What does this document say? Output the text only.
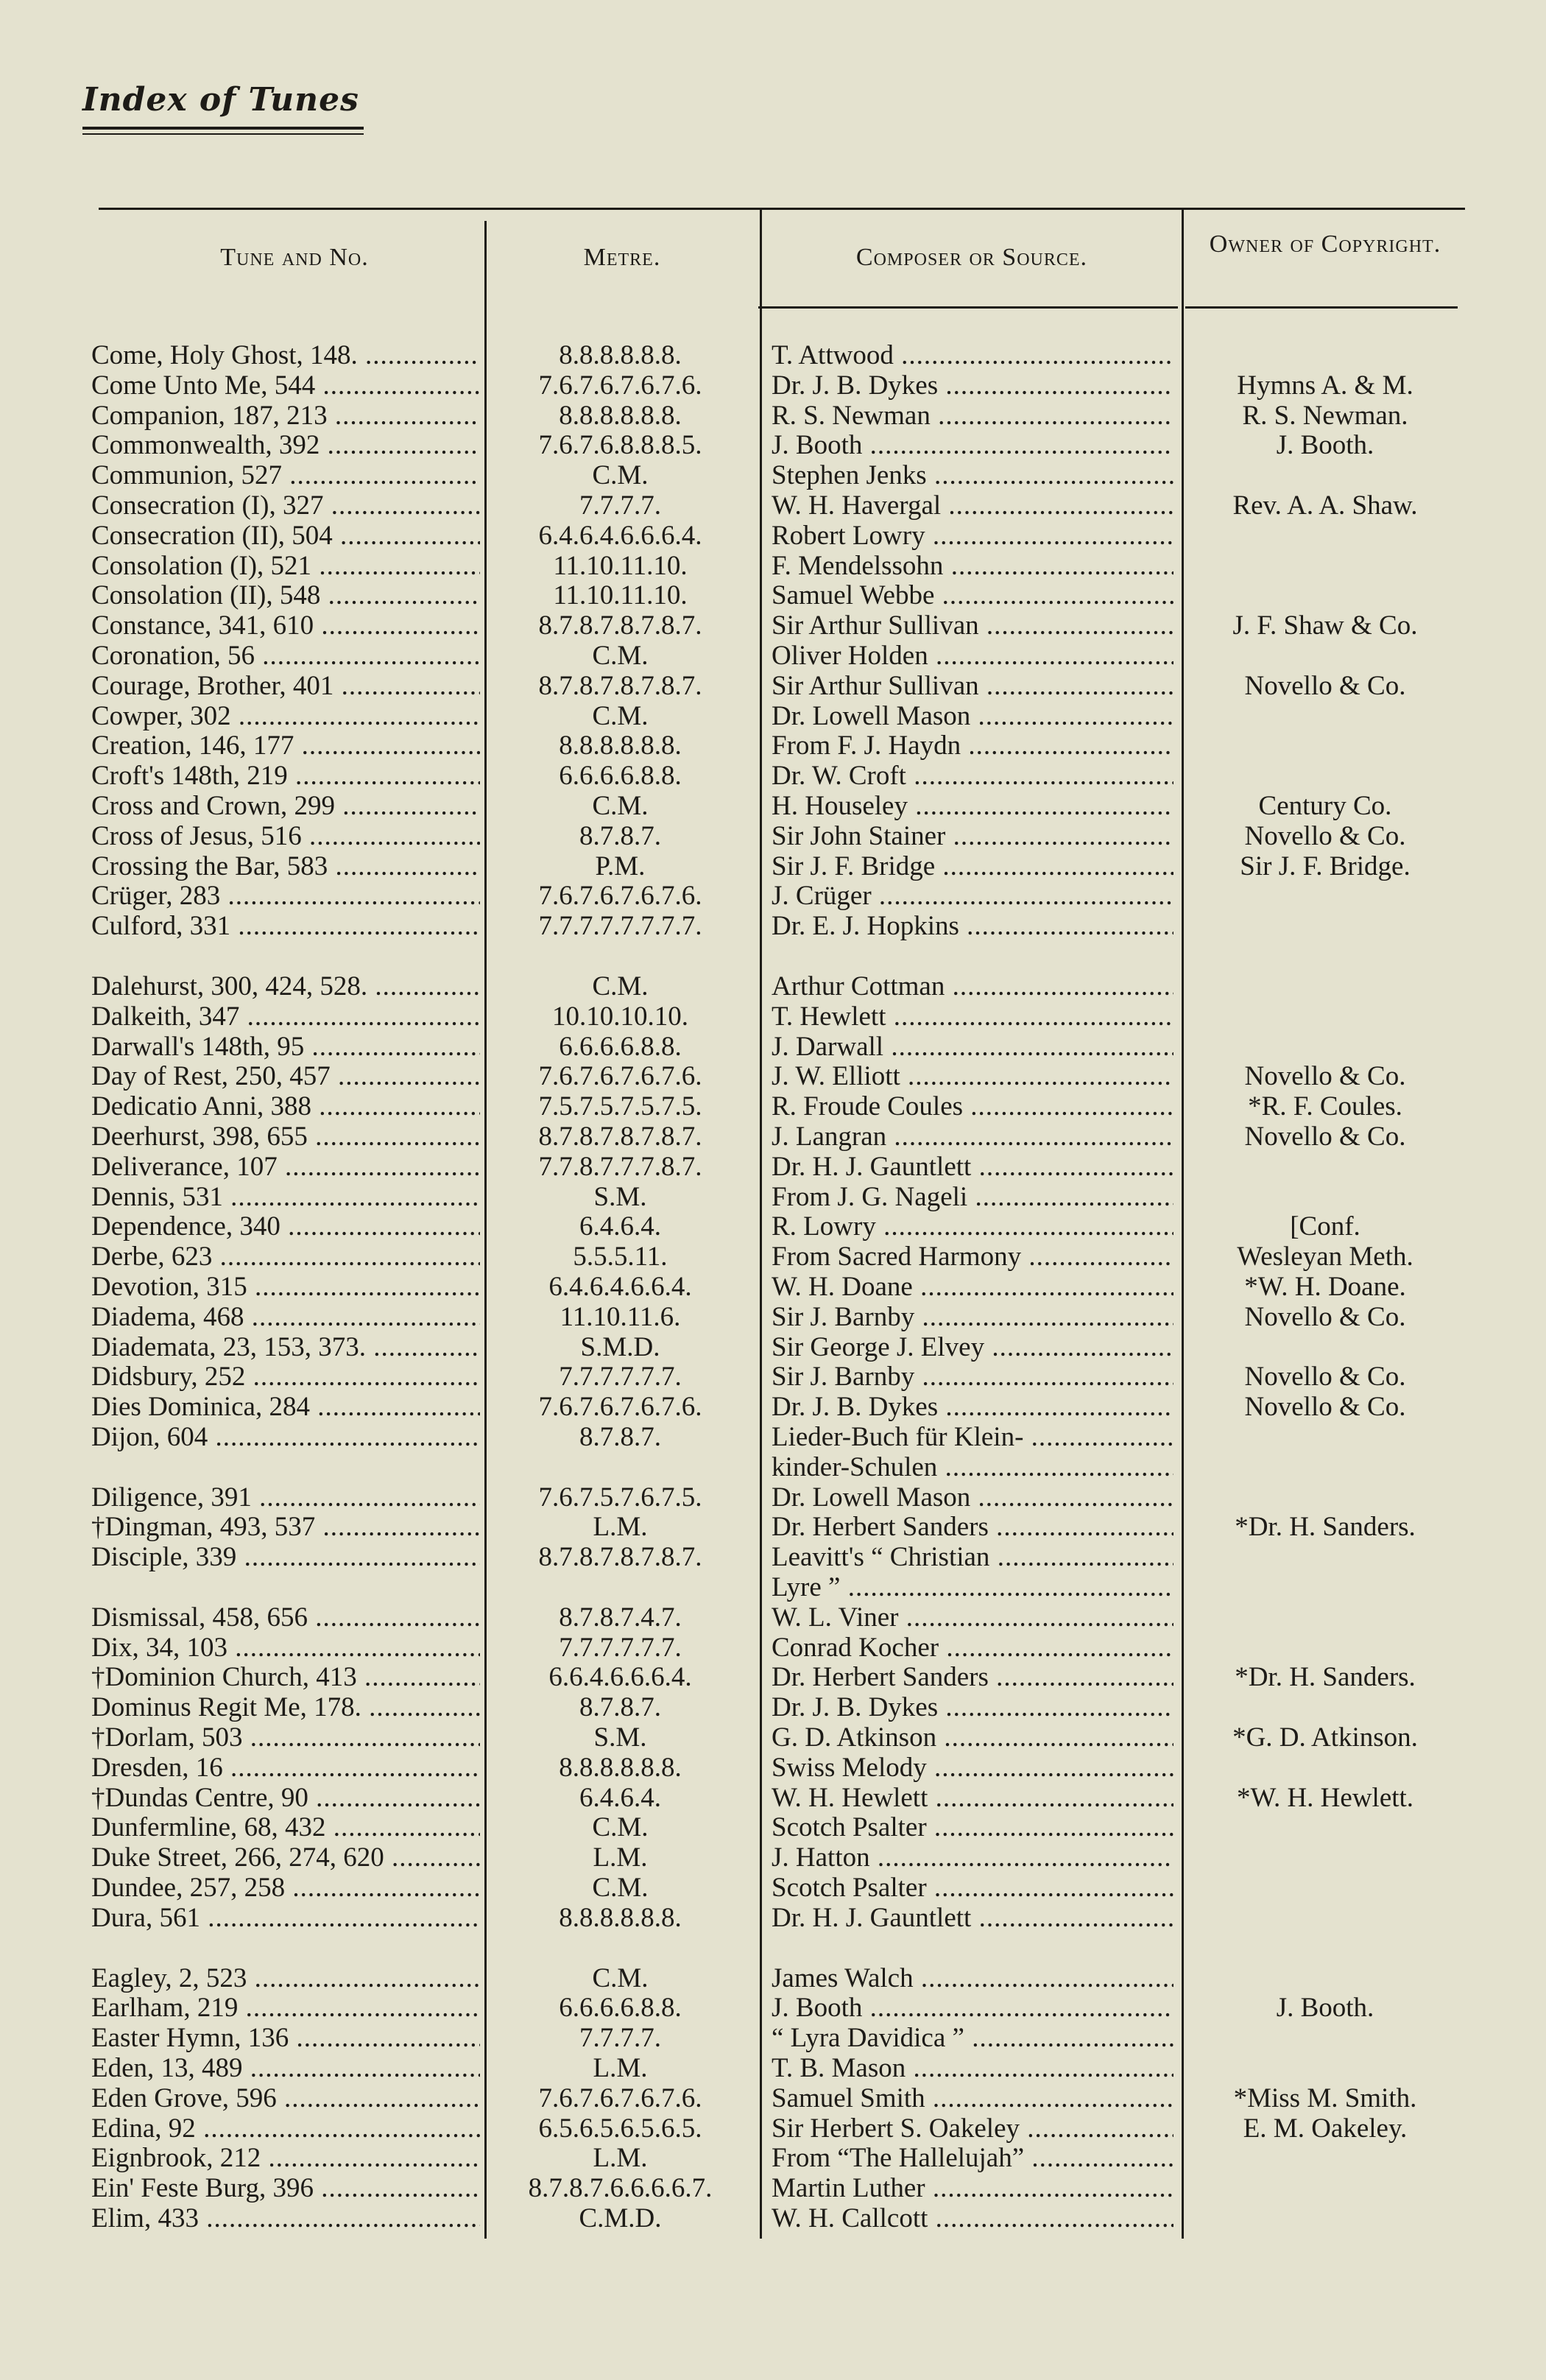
Index of Tunes
Tune and No.	Metre.	Composer or Source.	Owner of Copyright.
Come, Holy Ghost, 148. .....	8.8.8.8.8.8.	T. Attwood .....
Come Unto Me, 544 .....	7.6.7.6.7.6.7.6.	Dr. J. B. Dykes .....	Hymns A. & M.
Companion, 187, 213 .....	8.8.8.8.8.8.	R. S. Newman .....	R. S. Newman.
Commonwealth, 392 .....	7.6.7.6.8.8.8.5.	J. Booth .....	J. Booth.
Communion, 527 .....	C.M.	Stephen Jenks .....
Consecration (I), 327 .....	7.7.7.7.	W. H. Havergal .....	Rev. A. A. Shaw.
Consecration (II), 504 .....	6.4.6.4.6.6.6.4.	Robert Lowry .....
Consolation (I), 521 .....	11.10.11.10.	F. Mendelssohn .....
Consolation (II), 548 .....	11.10.11.10.	Samuel Webbe .....
Constance, 341, 610 .....	8.7.8.7.8.7.8.7.	Sir Arthur Sullivan .....	J. F. Shaw & Co.
Coronation, 56 .....	C.M.	Oliver Holden .....
Courage, Brother, 401 .....	8.7.8.7.8.7.8.7.	Sir Arthur Sullivan .....	Novello & Co.
Cowper, 302 .....	C.M.	Dr. Lowell Mason .....
Creation, 146, 177 .....	8.8.8.8.8.8.	From F. J. Haydn .....
Croft's 148th, 219 .....	6.6.6.6.8.8.	Dr. W. Croft .....
Cross and Crown, 299 .....	C.M.	H. Houseley .....	Century Co.
Cross of Jesus, 516 .....	8.7.8.7.	Sir John Stainer .....	Novello & Co.
Crossing the Bar, 583 .....	P.M.	Sir J. F. Bridge .....	Sir J. F. Bridge.
Crüger, 283 .....	7.6.7.6.7.6.7.6.	J. Crüger .....
Culford, 331 .....	7.7.7.7.7.7.7.7.	Dr. E. J. Hopkins .....
Dalehurst, 300, 424, 528. .....	C.M.	Arthur Cottman .....
Dalkeith, 347 .....	10.10.10.10.	T. Hewlett .....
Darwall's 148th, 95 .....	6.6.6.6.8.8.	J. Darwall .....
Day of Rest, 250, 457 .....	7.6.7.6.7.6.7.6.	J. W. Elliott .....	Novello & Co.
Dedicatio Anni, 388 .....	7.5.7.5.7.5.7.5.	R. Froude Coules .....	*R. F. Coules.
Deerhurst, 398, 655 .....	8.7.8.7.8.7.8.7.	J. Langran .....	Novello & Co.
Deliverance, 107 .....	7.7.8.7.7.7.8.7.	Dr. H. J. Gauntlett .....
Dennis, 531 .....	S.M.	From J. G. Nageli .....
Dependence, 340 .....	6.4.6.4.	R. Lowry .....	[Conf.
Derbe, 623 .....	5.5.5.11.	From Sacred Harmony .....	Wesleyan Meth.
Devotion, 315 .....	6.4.6.4.6.6.4.	W. H. Doane .....	*W. H. Doane.
Diadema, 468 .....	11.10.11.6.	Sir J. Barnby .....	Novello & Co.
Diademata, 23, 153, 373. .....	S.M.D.	Sir George J. Elvey .....
Didsbury, 252 .....	7.7.7.7.7.7.	Sir J. Barnby .....	Novello & Co.
Dies Dominica, 284 .....	7.6.7.6.7.6.7.6.	Dr. J. B. Dykes .....	Novello & Co.
Dijon, 604 .....	8.7.8.7.	Lieder-Buch für Klein- .....
kinder-Schulen .....
Diligence, 391 .....	7.6.7.5.7.6.7.5.	Dr. Lowell Mason .....
†Dingman, 493, 537 .....	L.M.	Dr. Herbert Sanders .....	*Dr. H. Sanders.
Disciple, 339 .....	8.7.8.7.8.7.8.7.	Leavitt's “ Christian .....
Lyre ” .....
Dismissal, 458, 656 .....	8.7.8.7.4.7.	W. L. Viner .....
Dix, 34, 103 .....	7.7.7.7.7.7.	Conrad Kocher .....
†Dominion Church, 413 .....	6.6.4.6.6.6.4.	Dr. Herbert Sanders .....	*Dr. H. Sanders.
Dominus Regit Me, 178. .....	8.7.8.7.	Dr. J. B. Dykes .....
†Dorlam, 503 .....	S.M.	G. D. Atkinson .....	*G. D. Atkinson.
Dresden, 16 .....	8.8.8.8.8.8.	Swiss Melody .....
†Dundas Centre, 90 .....	6.4.6.4.	W. H. Hewlett .....	*W. H. Hewlett.
Dunfermline, 68, 432 .....	C.M.	Scotch Psalter .....
Duke Street, 266, 274, 620 .....	L.M.	J. Hatton .....
Dundee, 257, 258 .....	C.M.	Scotch Psalter .....
Dura, 561 .....	8.8.8.8.8.8.	Dr. H. J. Gauntlett .....
Eagley, 2, 523 .....	C.M.	James Walch .....
Earlham, 219 .....	6.6.6.6.8.8.	J. Booth .....	J. Booth.
Easter Hymn, 136 .....	7.7.7.7.	“ Lyra Davidica ” .....
Eden, 13, 489 .....	L.M.	T. B. Mason .....
Eden Grove, 596 .....	7.6.7.6.7.6.7.6.	Samuel Smith .....	*Miss M. Smith.
Edina, 92 .....	6.5.6.5.6.5.6.5.	Sir Herbert S. Oakeley .....	E. M. Oakeley.
Eignbrook, 212 .....	L.M.	From “The Hallelujah” .....
Ein' Feste Burg, 396 .....	8.7.8.7.6.6.6.6.7.	Martin Luther .....
Elim, 433 .....	C.M.D.	W. H. Callcott .....
